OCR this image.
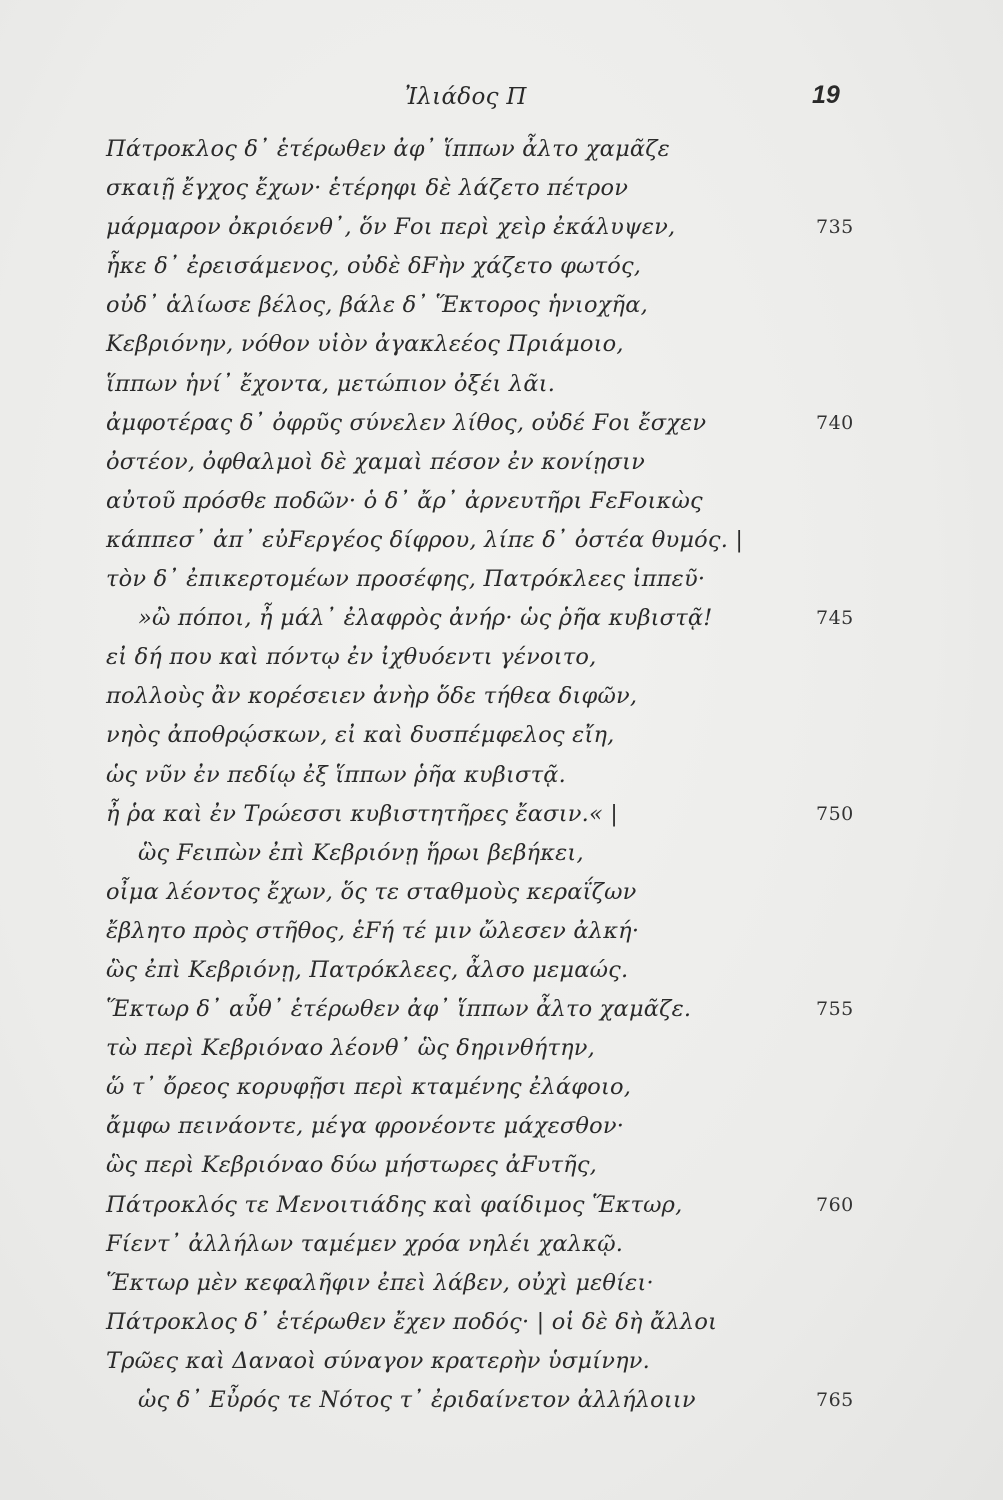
Ἰλιάδος Π	19
Πάτροκλος δ᾽ ἑτέρωθεν ἀφ᾽ ἵππων ἆλτο χαμᾶζε
σκαιῇ ἔγχος ἔχων· ἑτέρηφι δὲ λάζετο πέτρον
μάρμαρον ὀκριόενθ᾽, ὅν Fοι περὶ χεὶρ ἐκάλυψεν,	735
ἧκε δ᾽ ἐρεισάμενος, οὐδὲ δFὴν χάζετο φωτός,
οὐδ᾽ ἁλίωσε βέλος, βάλε δ᾽ Ἕκτορος ἡνιοχῆα,
Κεβριόνην, νόθον υἱὸν ἀγακλεέος Πριάμοιο,
ἵππων ἡνί᾽ ἔχοντα, μετώπιον ὀξέι λᾶι.
ἀμφοτέρας δ᾽ ὀφρῦς σύνελεν λίθος, οὐδέ Fοι ἔσχεν	740
ὀστέον, ὀφθαλμοὶ δὲ χαμαὶ πέσον ἐν κονίῃσιν
αὐτοῦ πρόσθε ποδῶν· ὁ δ᾽ ἄρ᾽ ἀρνευτῆρι FεFοικὼς
κάππεσ᾽ ἀπ᾽ εὐFεργέος δίφρου, λίπε δ᾽ ὀστέα θυμός. |
τὸν δ᾽ ἐπικερτομέων προσέφης, Πατρόκλεες ἱππεῦ·
»ὢ πόποι, ἦ μάλ᾽ ἐλαφρὸς ἀνήρ· ὡς ῥῆα κυβιστᾷ!	745
εἰ δή που καὶ πόντῳ ἐν ἰχθυόεντι γένοιτο,
πολλοὺς ἂν κορέσειεν ἀνὴρ ὅδε τήθεα διφῶν,
νηὸς ἀποθρῴσκων, εἰ καὶ δυσπέμφελος εἴη,
ὡς νῦν ἐν πεδίῳ ἐξ ἵππων ῥῆα κυβιστᾷ.
ἦ ῥα καὶ ἐν Τρώεσσι κυβιστητῆρες ἔασιν.« |	750
ὣς Fειπὼν ἐπὶ Κεβριόνῃ ἥρωι βεβήκει,
οἶμα λέοντος ἔχων, ὅς τε σταθμοὺς κεραΐζων
ἔβλητο πρὸς στῆθος, ἑFή τέ μιν ὤλεσεν ἀλκή·
ὣς ἐπὶ Κεβριόνῃ, Πατρόκλεες, ἆλσο μεμαώς.
Ἕκτωρ δ᾽ αὖθ᾽ ἑτέρωθεν ἀφ᾽ ἵππων ἆλτο χαμᾶζε.	755
τὼ περὶ Κεβριόναο λέονθ᾽ ὣς δηρινθήτην,
ὥ τ᾽ ὄρεος κορυφῇσι περὶ κταμένης ἐλάφοιο,
ἄμφω πεινάοντε, μέγα φρονέοντε μάχεσθον·
ὣς περὶ Κεβριόναο δύω μήστωρες ἀFυτῆς,
Πάτροκλός τε Μενοιτιάδης καὶ φαίδιμος Ἕκτωρ,	760
Fίεντ᾽ ἀλλήλων ταμέμεν χρόα νηλέι χαλκῷ.
Ἕκτωρ μὲν κεφαλῆφιν ἐπεὶ λάβεν, οὐχὶ μεθίει·
Πάτροκλος δ᾽ ἑτέρωθεν ἔχεν ποδός· | οἱ δὲ δὴ ἄλλοι
Τρῶες καὶ Δαναοὶ σύναγον κρατερὴν ὑσμίνην.
ὡς δ᾽ Εὖρός τε Νότος τ᾽ ἐριδαίνετον ἀλλήλοιιν	765
